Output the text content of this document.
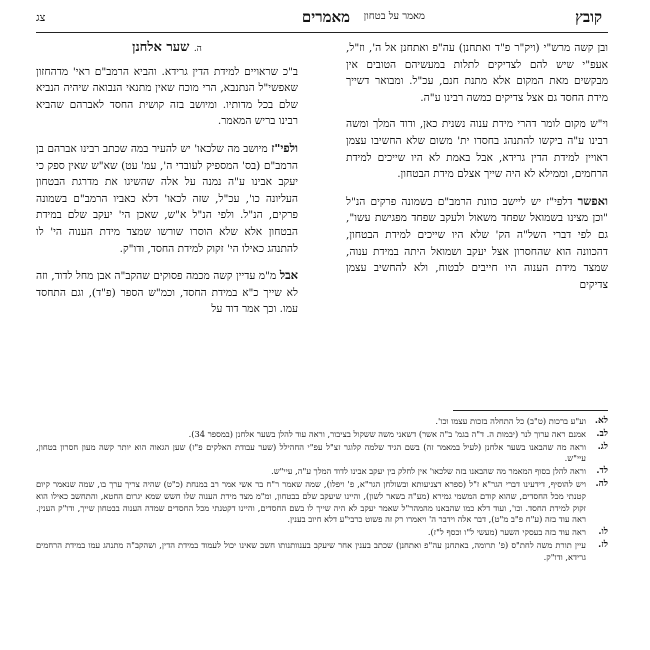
קובץ
מאמר על בטחון
מאמרים
צג

ובן קשה מרש"י (ויק"ר פ"ד ואתחנן) עה"פ ואתחנן אל ה', וז"ל, אעפ"י שיש להם לצדיקים לתלות במעשיהם הטובים אין מבקשים מאת המקום אלא מתנת חנם, עכ"ל. ומבואר דשייך מידת החסד גם אצל צדיקים כמשה רבינו ע"ה.

וי"ש מקום לומר דהרי מידת ענוה נשנית כאן, ודוד המלך ומשה רבינו ע"ה ביקשו להתנהג בחסדו ית' משום שלא החשיבו עצמן ראויין למידת הדין גרידא, אבל באמת לא היו שייכים למידת הרחמים, וממילא לא היה שייך אצלם מידת הבטחון.

ואפשר דלפי"ז יש ליישב כוונת הרמב"ם בשמונה פרקים הנ"ל "וכן מצינו בשמואל שפחד משאול ולעקב שפחד מפגישת עשו", גם לפי דברי השל"ה הק' שלא היו שייכים למידת הבטחון, דהכוונה הוא שהחסרון אצל יעקב ושמואל היתה במידת ענוה, שמצד מידת הענוה היו חייבים לבטוח, ולא להחשיב עצמן צדיקים

ה. שער אלחנן

ב"כ שראויים למידת הדין גרידא. והביא הרמב"ם ראי' מדהחזון שאפשי"ל הנתנבא, הרי מוכח שאין מתנאי הנבואה שיהיה הנביא שלם בכל מדותיו. ומיושב בזה קושית החסד לאברהם שהביא רבינו בריש המאמר.

ולפי"ז מיושב מה שלכאו' יש להעיר במה שכתב רבינו אברהם בן הרמב"ם (בס' המספיק לעובדי ה', עמ' עט) שא"ש שאין ספק כי יעקב אבינו ע"ה נמנה על אלה שהשיגו את מדרגת הבטחון העליונה כו', עכ"ל, שזה לכאו' דלא כאביו הרמב"ם בשמונה פרקים, הנ"ל. ולפי הנ"ל א"ש, שאכן הי' יעקב שלם במידת הבטחון אלא שלא הוסרו שורשו שמצד מידת הענוה הי' לו להתנהג כאילו הי' זקוק למידת החסד, ודו"ק.

אבל מ"מ עדיין קשה מכמה פסוקים שהקב"ה אבן מחל לדוד, וזה לא שייך כ"א במידת החסד, וכמ"ש הספר (פ"ד), וגם התחסד עמו. וכך אמר דוד על

לא.
וע"ע ברכות (ט"ב) כל התחלה בזכות עצמו וכו'.
לב.
אמנם ראה ערוך לנר (יבמות ה. ד"ה בגמ' ב"ה אשר) דשאני משה ששקול בציבור, וראה עוד להלן בשער אלחנן (במספר 34).
לג.
וראה מה שהבאנו בשער אלחנן (לעיל במאמר זה) בשם הגיד שלמה קלוגר זצ"ל עפ"י החהילל (שער עבודת האלקים פ"ז) שען הגאוה הוא יותר קשה מעון חסרון בטחון, עיי"ש.
לד.
וראה להלן בסוף המאמר מה שהבאנו בזה שלכאו' אין לחלק בין יעקב אבינו לדוד המלך ע"ה, עיי"ש.
לה.
ויש להוסיף, דידעינו דברי הגר"א ז"ל (ספרא דצניעותא ובשולחן הגר"א, פ' ויפלו), שמה שאמר ר"ח בר אשי אמר רב במנחת (כ"ט) שהיה צריך ערך בו, שמה שנאמר קיום קטנתי מכל החסדים, שהוא קודם המשמי גמירא (מע"ה בשאר לשון), והיינו שיעקב שלם בבטחון, ומ"מ מצד מידת הענוה שלו חשש שמא יגרום החטא, והתחשב כאילו הוא זקוק למידת החסד. וכו', ועוד דלא כמו שהבאנו מהמהר"ל שאמר יעקב לא היה שייך לו בשם החסדים, והיינו דקטנתי מכל החסדים שמדה הענוה בבטחון שייך, ודו"ק הענין. ראה עוד בזה (ע"ח פ"ב מ"ט), דבר אלה וידבר ה' ויאמרו רק זה פשוט כרבי"ע דלא חיוב בענין.
לו.
ראה עוד בזה בעסקי השער (מעשי ל"ו וכסף ל"ז).
לז.
עיין תורת משה לחת"ס (פ' תרומה, באתחנן עה"פ ואתחנן) שכתב בענין אחר שיעקב בענוותנותו חשב שאינו יכול לעמוד במידת הדין, ושהקב"ה מתנהג עמו במידת הרחמים גרידא, ודו"ק.
